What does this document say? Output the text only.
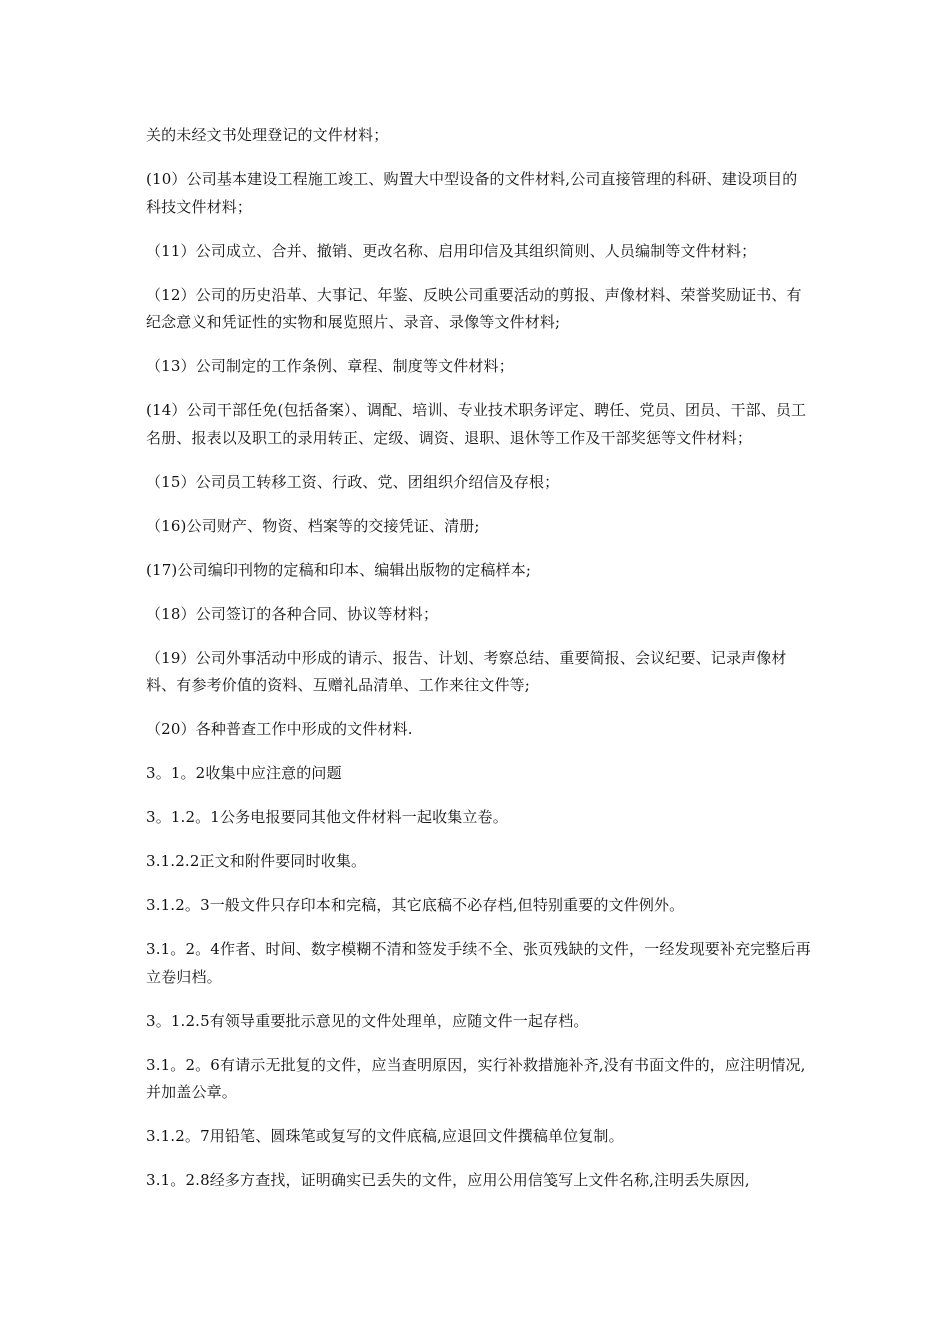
关的未经文书处理登记的文件材料；

(10）公司基本建设工程施工竣工、购置大中型设备的文件材料,公司直接管理的科研、建设项目的科技文件材料；

（11）公司成立、合并、撤销、更改名称、启用印信及其组织简则、人员编制等文件材料；

（12）公司的历史沿革、大事记、年鉴、反映公司重要活动的剪报、声像材料、荣誉奖励证书、有纪念意义和凭证性的实物和展览照片、录音、录像等文件材料;

（13）公司制定的工作条例、章程、制度等文件材料；

(14）公司干部任免(包括备案）、调配、培训、专业技术职务评定、聘任、党员、团员、干部、员工名册、报表以及职工的录用转正、定级、调资、退职、退休等工作及干部奖惩等文件材料；

（15）公司员工转移工资、行政、党、团组织介绍信及存根；

（16)公司财产、物资、档案等的交接凭证、清册;

(17)公司编印刊物的定稿和印本、编辑出版物的定稿样本;

（18）公司签订的各种合同、协议等材料；

（19）公司外事活动中形成的请示、报告、计划、考察总结、重要简报、会议纪要、记录声像材料、有参考价值的资料、互赠礼品清单、工作来往文件等;

（20）各种普查工作中形成的文件材料.

3。1。2收集中应注意的问题

3。1.2。1公务电报要同其他文件材料一起收集立卷。

3.1.2.2正文和附件要同时收集。

3.1.2。3一般文件只存印本和完稿，其它底稿不必存档,但特别重要的文件例外。

3.1。2。4作者、时间、数字模糊不清和签发手续不全、张页残缺的文件，一经发现要补充完整后再立卷归档。

3。1.2.5有领导重要批示意见的文件处理单，应随文件一起存档。

3.1。2。6有请示无批复的文件，应当查明原因，实行补救措施补齐,没有书面文件的，应注明情况,并加盖公章。

3.1.2。7用铅笔、圆珠笔或复写的文件底稿,应退回文件撰稿单位复制。

3.1。2.8经多方查找，证明确实已丢失的文件，应用公用信笺写上文件名称,注明丢失原因,
